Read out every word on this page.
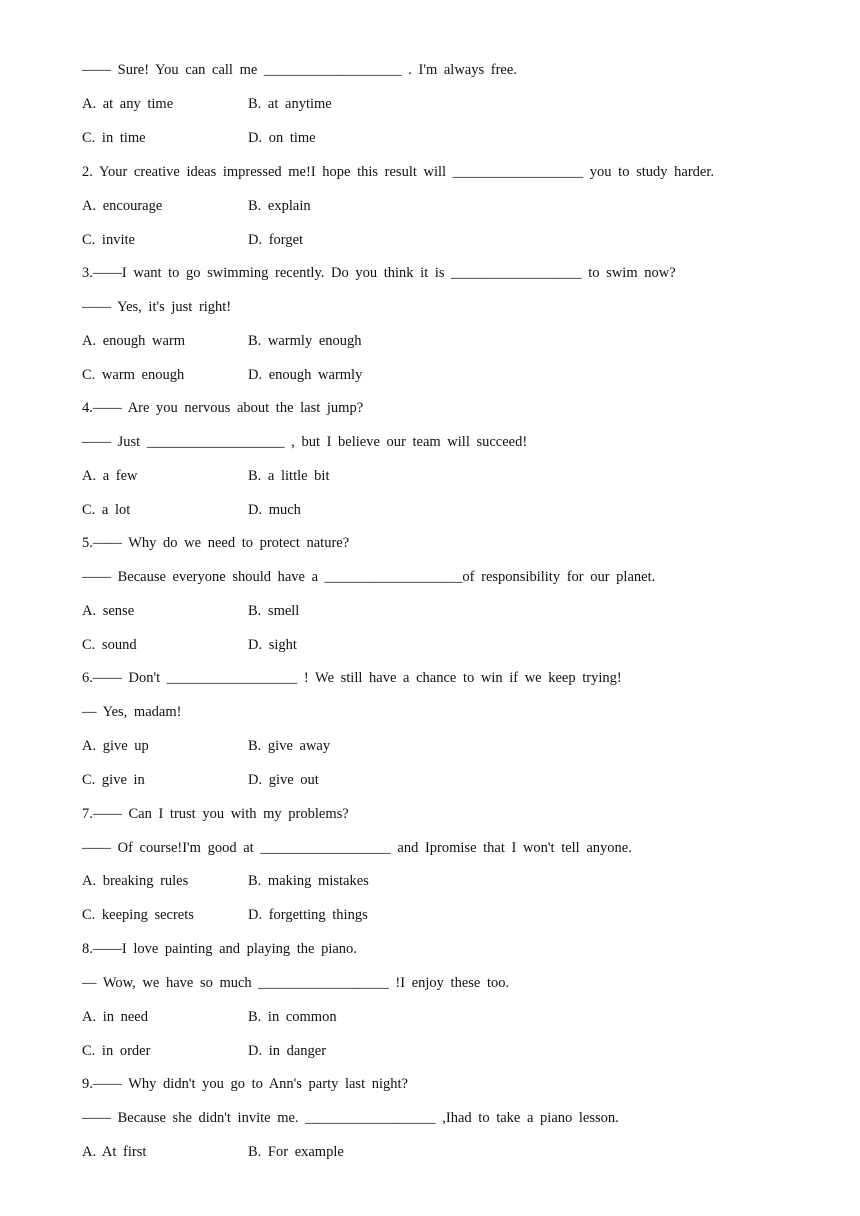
—— Sure! You can call me ___________________ . I'm always free.
A. at any time	B. at anytime
C. in time	D. on time
2. Your creative ideas impressed me!I hope this result will __________________ you to study harder.
A. encourage	B. explain
C. invite	D. forget
3.——I want to go swimming recently. Do you think it is __________________ to swim now?
—— Yes, it's just right!
A. enough warm	B. warmly enough
C. warm enough	D. enough warmly
4.—— Are you nervous about the last jump?
—— Just ___________________ , but I believe our team will succeed!
A. a few	B. a little bit
C. a lot	D. much
5.—— Why do we need to protect nature?
—— Because everyone should have a ___________________of responsibility for our planet.
A. sense	B. smell
C. sound	D. sight
6.—— Don't __________________ ! We still have a chance to win if we keep trying!
— Yes, madam!
A. give up	B. give away
C. give in	D. give out
7.—— Can I trust you with my problems?
—— Of course!I'm good at __________________ and Ipromise that I won't tell anyone.
A. breaking rules	B. making mistakes
C. keeping secrets	D. forgetting things
8.——I love painting and playing the piano.
— Wow, we have so much __________________ !I enjoy these too.
A. in need	B. in common
C. in order	D. in danger
9.—— Why didn't you go to Ann's party last night?
—— Because she didn't invite me. __________________ ,Ihad to take a piano lesson.
A. At first	B. For example
